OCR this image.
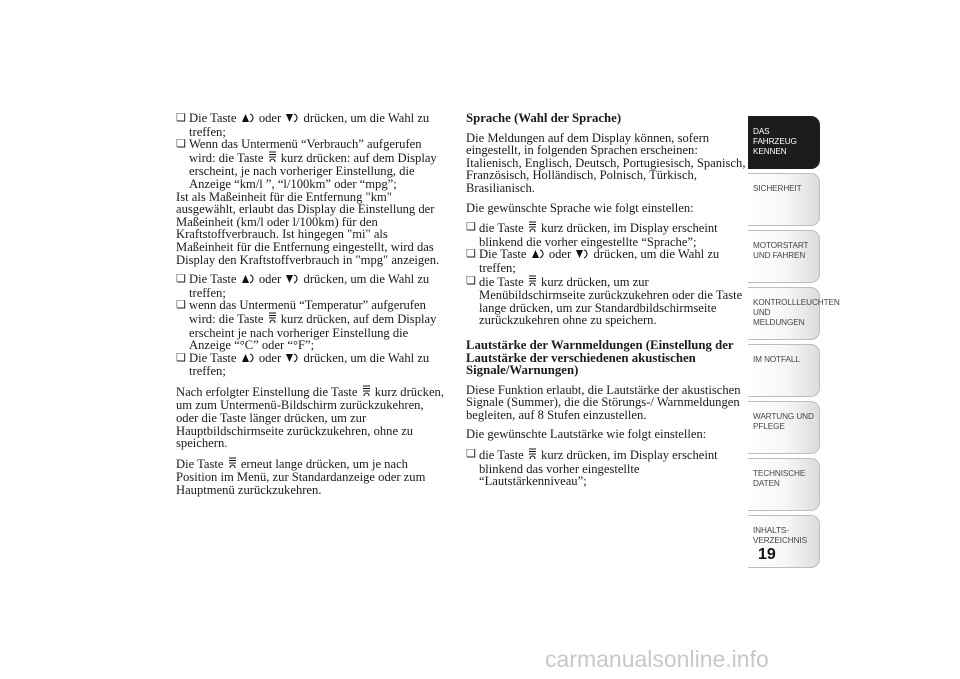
❏ Die Taste oder drücken, um die Wahl zu treffen;
❏ Wenn das Untermenü “Verbrauch” aufgerufen wird: die Taste kurz drücken: auf dem Display erscheint, je nach vorheriger Einstellung, die Anzeige “km/l ”, “l/100km” oder “mpg”;

Ist als Maßeinheit für die Entfernung "km" ausgewählt, erlaubt das Display die Einstellung der Maßeinheit (km/l oder l/100km) für den Kraftstoffverbrauch. Ist hingegen "mi" als Maßeinheit für die Entfernung eingestellt, wird das Display den Kraftstoffverbrauch in "mpg" anzeigen.

❏ Die Taste oder drücken, um die Wahl zu treffen;
❏ wenn das Untermenü “Temperatur” aufgerufen wird: die Taste kurz drücken, auf dem Display erscheint je nach vorheriger Einstellung die Anzeige “°C” oder “°F”;
❏ Die Taste oder drücken, um die Wahl zu treffen;

Nach erfolgter Einstellung die Taste kurz drücken, um zum Untermenü-Bildschirm zurückzukehren, oder die Taste länger drücken, um zur Hauptbildschirmseite zurückzukehren, ohne zu speichern.

Die Taste erneut lange drücken, um je nach Position im Menü, zur Standardanzeige oder zum Hauptmenü zurückzukehren.

Sprache (Wahl der Sprache)

Die Meldungen auf dem Display können, sofern eingestellt, in folgenden Sprachen erscheinen: Italienisch, Englisch, Deutsch, Portugiesisch, Spanisch, Französisch, Holländisch, Polnisch, Türkisch, Brasilianisch.

Die gewünschte Sprache wie folgt einstellen:

❏ die Taste kurz drücken, im Display erscheint blinkend die vorher eingestellte “Sprache”;
❏ Die Taste oder drücken, um die Wahl zu treffen;
❏ die Taste kurz drücken, um zur Menübildschirmseite zurückzukehren oder die Taste lange drücken, um zur Standardbildschirmseite zurückzukehren ohne zu speichern.
Lautstärke der Warnmeldungen (Einstellung der Lautstärke der verschiedenen akustischen Signale/Warnungen)

Diese Funktion erlaubt, die Lautstärke der akustischen Signale (Summer), die die Störungs-/ Warnmeldungen begleiten, auf 8 Stufen einzustellen.

Die gewünschte Lautstärke wie folgt einstellen:

❏ die Taste kurz drücken, im Display erscheint blinkend das vorher eingestellte “Lautstärkenniveau”;
DAS FAHRZEUG KENNEN
SICHERHEIT
MOTORSTART UND FAHREN
KONTROLLLEUCHTEN UND MELDUNGEN
IM NOTFALL
WARTUNG UND PFLEGE
TECHNISCHE DATEN
INHALTS-VERZEICHNIS
19
carmanualsonline.info
